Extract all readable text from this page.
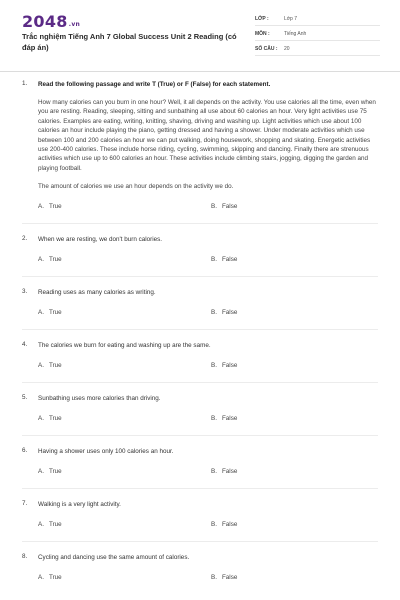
2048.vn
Trắc nghiệm Tiếng Anh 7 Global Success Unit 2 Reading (có đáp án)
LỚP :	Lớp 7
MÔN :	Tiếng Anh
SỐ CÂU : 20
1. Read the following passage and write T (True) or F (False) for each statement.
How many calories can you burn in one hour? Well, it all depends on the activity. You use calories all the time, even when you are resting. Reading, sleeping, sitting and sunbathing all use about 60 calories an hour. Very light activities use 75 calories. Examples are eating, writing, knitting, shaving, driving and washing up. Light activities which use about 100 calories an hour include playing the piano, getting dressed and having a shower. Under moderate activities which use between 100 and 200 calories an hour we can put walking, doing housework, shopping and skating. Energetic activities use 200-400 calories. These include horse riding, cycling, swimming, skipping and dancing. Finally there are strenuous activities which use up to 600 calories an hour. These activities include climbing stairs, jogging, digging the garden and playing football.
The amount of calories we use an hour depends on the activity we do.
A. True	B. False
2. When we are resting, we don't burn calories.
A. True	B. False
3. Reading uses as many calories as writing.
A. True	B. False
4. The calories we burn for eating and washing up are the same.
A. True	B. False
5. Sunbathing uses more calories than driving.
A. True	B. False
6. Having a shower uses only 100 calories an hour.
A. True	B. False
7. Walking is a very light activity.
A. True	B. False
8. Cycling and dancing use the same amount of calories.
A. True	B. False
